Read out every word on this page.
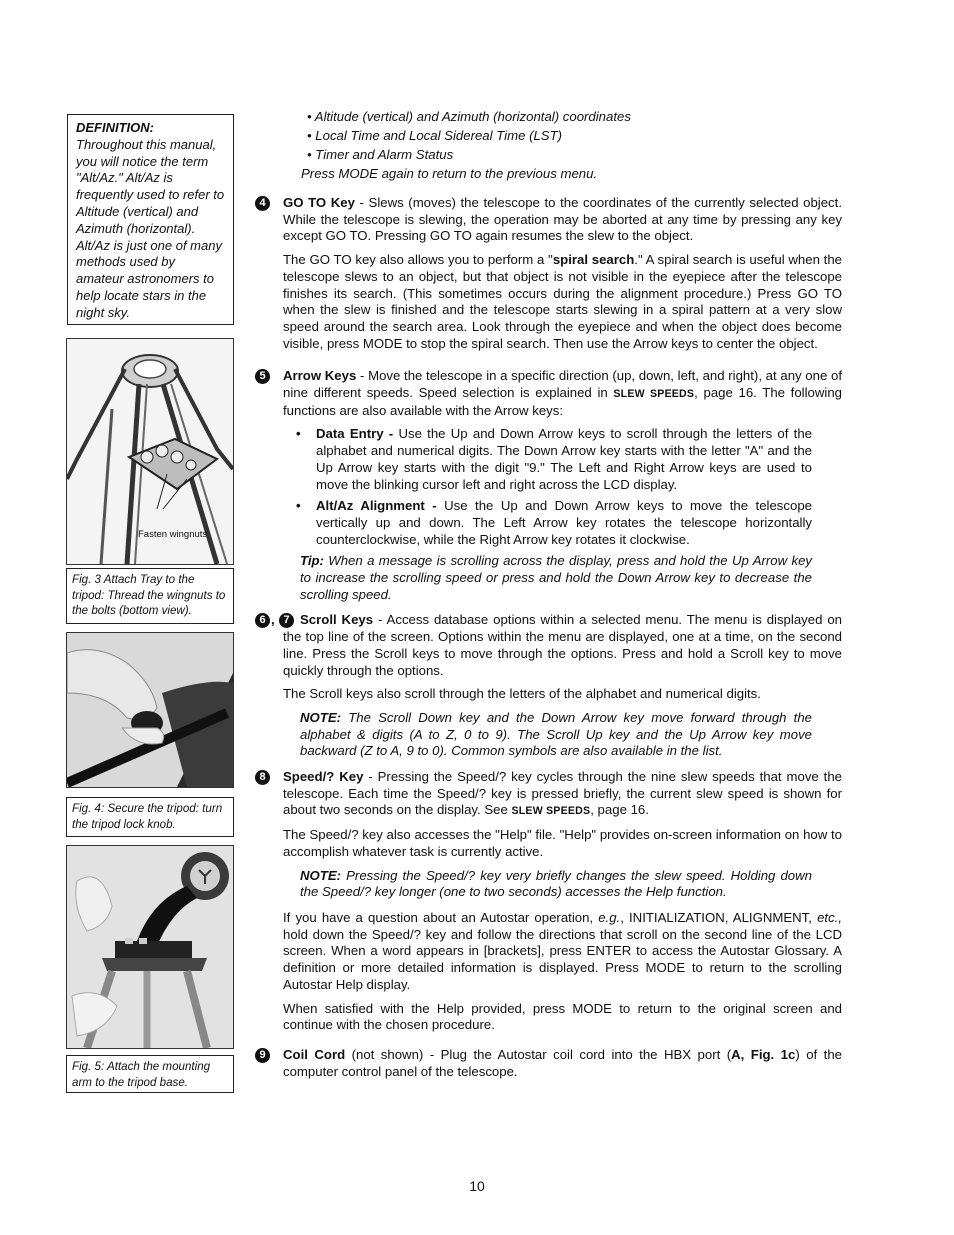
DEFINITION:
Throughout this manual, you will notice the term "Alt/Az." Alt/Az is frequently used to refer to Altitude (vertical) and Azimuth (horizontal). Alt/Az is just one of many methods used by amateur astronomers to help locate stars in the night sky.
Fasten wingnuts
Fig. 3 Attach Tray to the tripod: Thread the wingnuts to the bolts (bottom view).
Fig. 4: Secure the tripod: turn the tripod lock knob.
Fig. 5: Attach the mounting arm to the tripod base.
• Altitude (vertical) and Azimuth (horizontal) coordinates
• Local Time and Local Sidereal Time (LST)
• Timer and Alarm Status

Press MODE again to return to the previous menu.

4	GO TO Key - Slews (moves) the telescope to the coordinates of the currently selected object. While the telescope is slewing, the operation may be aborted at any time by pressing any key except GO TO. Pressing GO TO again resumes the slew to the object.

The GO TO key also allows you to perform a "spiral search." A spiral search is useful when the telescope slews to an object, but that object is not visible in the eyepiece after the telescope finishes its search. (This sometimes occurs during the alignment procedure.) Press GO TO when the slew is finished and the telescope starts slewing in a spiral pattern at a very slow speed around the search area. Look through the eyepiece and when the object does become visible, press MODE to stop the spiral search. Then use the Arrow keys to center the object.

5	Arrow Keys - Move the telescope in a specific direction (up, down, left, and right), at any one of nine different speeds. Speed selection is explained in SLEW SPEEDS, page 16. The following functions are also available with the Arrow keys:

• Data Entry - Use the Up and Down Arrow keys to scroll through the letters of the alphabet and numerical digits. The Down Arrow key starts with the letter "A" and the Up Arrow key starts with the digit "9." The Left and Right Arrow keys are used to move the blinking cursor left and right across the LCD display.
• Alt/Az Alignment - Use the Up and Down Arrow keys to move the telescope vertically up and down. The Left Arrow key rotates the telescope horizontally counterclockwise, while the Right Arrow key rotates it clockwise.
Tip: When a message is scrolling across the display, press and hold the Up Arrow key to increase the scrolling speed or press and hold the Down Arrow key to decrease the scrolling speed.
6 , 7 Scroll Keys - Access database options within a selected menu. The menu is displayed on the top line of the screen. Options within the menu are displayed, one at a time, on the second line. Press the Scroll keys to move through the options. Press and hold a Scroll key to move quickly through the options.

The Scroll keys also scroll through the letters of the alphabet and numerical digits.

NOTE: The Scroll Down key and the Down Arrow key move forward through the alphabet & digits (A to Z, 0 to 9). The Scroll Up key and the Up Arrow key move backward (Z to A, 9 to 0). Common symbols are also available in the list.
8	Speed/? Key - Pressing the Speed/? key cycles through the nine slew speeds that move the telescope. Each time the Speed/? key is pressed briefly, the current slew speed is shown for about two seconds on the display. See SLEW SPEEDS, page 16.

The Speed/? key also accesses the "Help" file. "Help" provides on-screen information on how to accomplish whatever task is currently active.

NOTE: Pressing the Speed/? key very briefly changes the slew speed. Holding down the Speed/? key longer (one to two seconds) accesses the Help function.

If you have a question about an Autostar operation, e.g., INITIALIZATION, ALIGNMENT, etc., hold down the Speed/? key and follow the directions that scroll on the second line of the LCD screen. When a word appears in [brackets], press ENTER to access the Autostar Glossary. A definition or more detailed information is displayed. Press MODE to return to the scrolling Autostar Help display.

When satisfied with the Help provided, press MODE to return to the original screen and continue with the chosen procedure.

9	Coil Cord (not shown) - Plug the Autostar coil cord into the HBX port (A, Fig. 1c) of the computer control panel of the telescope.

10
